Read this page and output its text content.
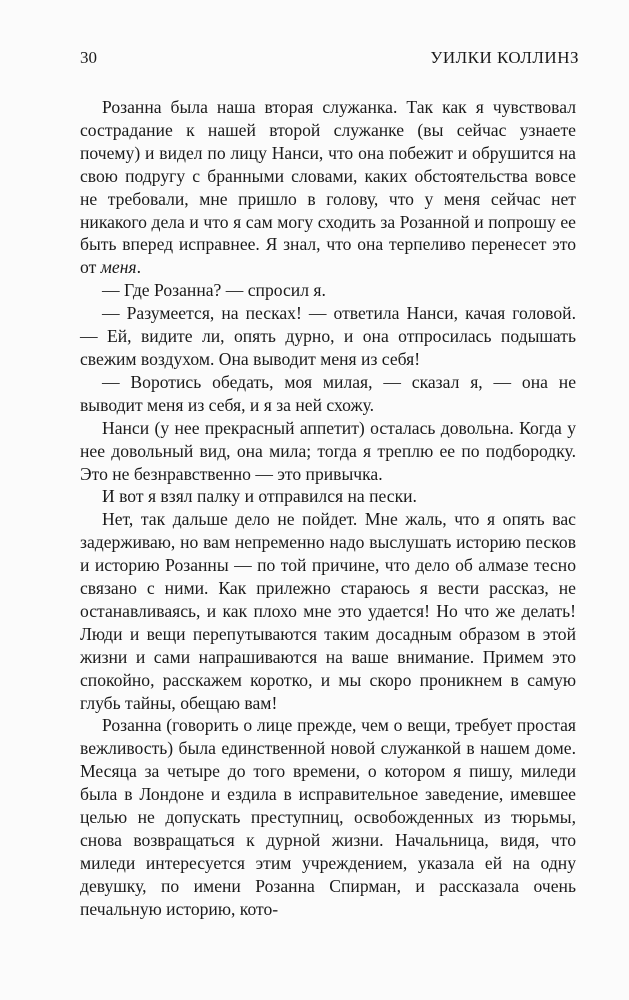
30	УИЛКИ КОЛЛИНЗ

Розанна была наша вторая служанка. Так как я чувствовал сострадание к нашей второй служанке (вы сейчас узнаете почему) и видел по лицу Нанси, что она побежит и обрушится на свою подругу с бранными словами, каких обстоятельства вовсе не требовали, мне пришло в голову, что у меня сейчас нет никакого дела и что я сам могу сходить за Розанной и попрошу ее быть вперед исправнее. Я знал, что она терпеливо перенесет это от меня.

— Где Розанна? — спросил я.

— Разумеется, на песках! — ответила Нанси, качая головой. — Ей, видите ли, опять дурно, и она отпросилась подышать свежим воздухом. Она выводит меня из себя!

— Воротись обедать, моя милая, — сказал я, — она не выводит меня из себя, и я за ней схожу.

Нанси (у нее прекрасный аппетит) осталась довольна. Когда у нее довольный вид, она мила; тогда я треплю ее по подбородку. Это не безнравственно — это привычка.

И вот я взял палку и отправился на пески.

Нет, так дальше дело не пойдет. Мне жаль, что я опять вас задерживаю, но вам непременно надо выслушать историю песков и историю Розанны — по той причине, что дело об алмазе тесно связано с ними. Как прилежно стараюсь я вести рассказ, не останавливаясь, и как плохо мне это удается! Но что же делать! Люди и вещи перепутываются таким досадным образом в этой жизни и сами напрашиваются на ваше внимание. Примем это спокойно, расскажем коротко, и мы скоро проникнем в самую глубь тайны, обещаю вам!

Розанна (говорить о лице прежде, чем о вещи, требует простая вежливость) была единственной новой служанкой в нашем доме. Месяца за четыре до того времени, о котором я пишу, миледи была в Лондоне и ездила в исправительное заведение, имевшее целью не допускать преступниц, освобожденных из тюрьмы, снова возвращаться к дурной жизни. Начальница, видя, что миледи интересуется этим учреждением, указала ей на одну девушку, по имени Розанна Спирман, и рассказала очень печальную историю, кото-
